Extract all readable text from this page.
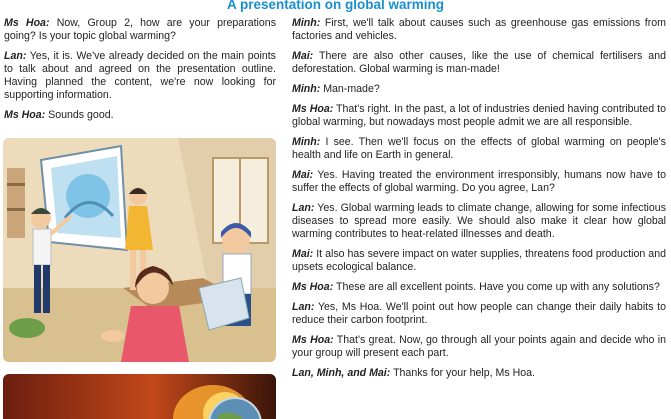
A presentation on global warming

Ms Hoa: Now, Group 2, how are your preparations going? Is your topic global warming?

Lan: Yes, it is. We've already decided on the main points to talk about and agreed on the presentation outline. Having planned the content, we're now looking for supporting information.

Ms Hoa: Sounds good.

Minh: First, we'll talk about causes such as greenhouse gas emissions from factories and vehicles.

Mai: There are also other causes, like the use of chemical fertilisers and deforestation. Global warming is man-made!

Minh: Man-made?

Ms Hoa: That's right. In the past, a lot of industries denied having contributed to global warming, but nowadays most people admit we are all responsible.

Minh: I see. Then we'll focus on the effects of global warming on people's health and life on Earth in general.

Mai: Yes. Having treated the environment irresponsibly, humans now have to suffer the effects of global warming. Do you agree, Lan?

Lan: Yes. Global warming leads to climate change, allowing for some infectious diseases to spread more easily. We should also make it clear how global warming contributes to heat-related illnesses and death.

Mai: It also has severe impact on water supplies, threatens food production and upsets ecological balance.

Ms Hoa: These are all excellent points. Have you come up with any solutions?

Lan: Yes, Ms Hoa. We'll point out how people can change their daily habits to reduce their carbon footprint.

Ms Hoa: That's great. Now, go through all your points again and decide who in your group will present each part.

Lan, Minh, and Mai: Thanks for your help, Ms Hoa.
